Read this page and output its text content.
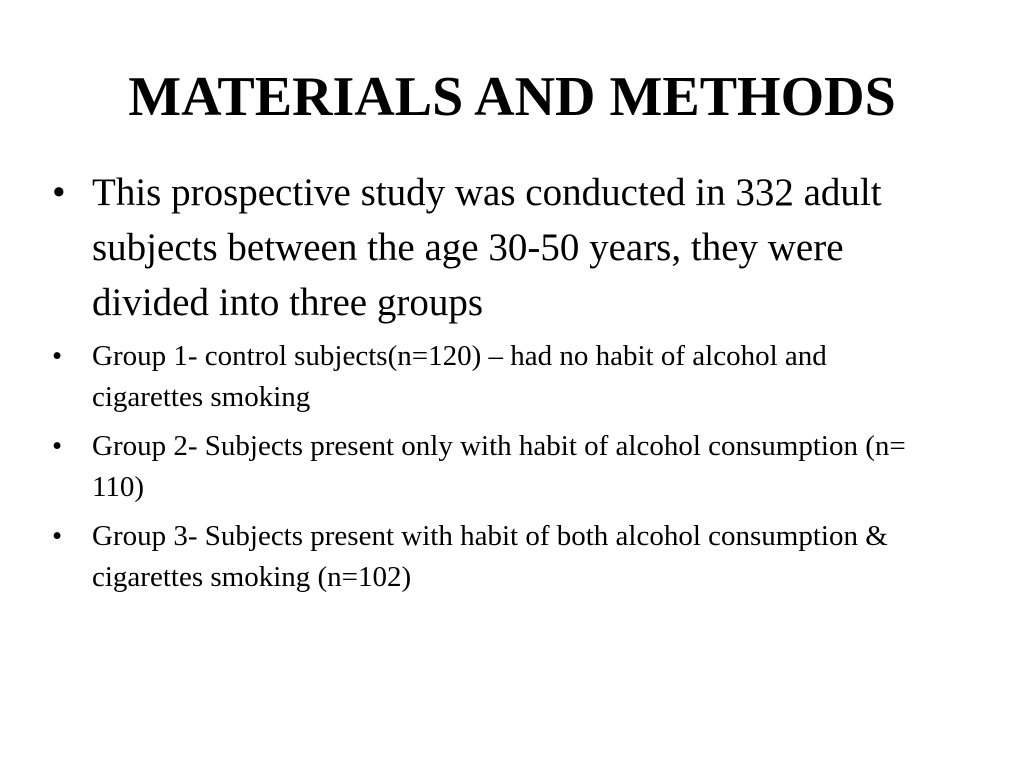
MATERIALS AND METHODS
• This prospective study was conducted in 332 adult subjects between the age 30-50 years, they were divided into three groups
•	Group 1- control subjects(n=120) – had no habit of alcohol and cigarettes smoking
•	Group 2- Subjects present only with habit of alcohol consumption (n= 110)
•	Group 3- Subjects present with habit of both alcohol consumption & cigarettes smoking (n=102)
